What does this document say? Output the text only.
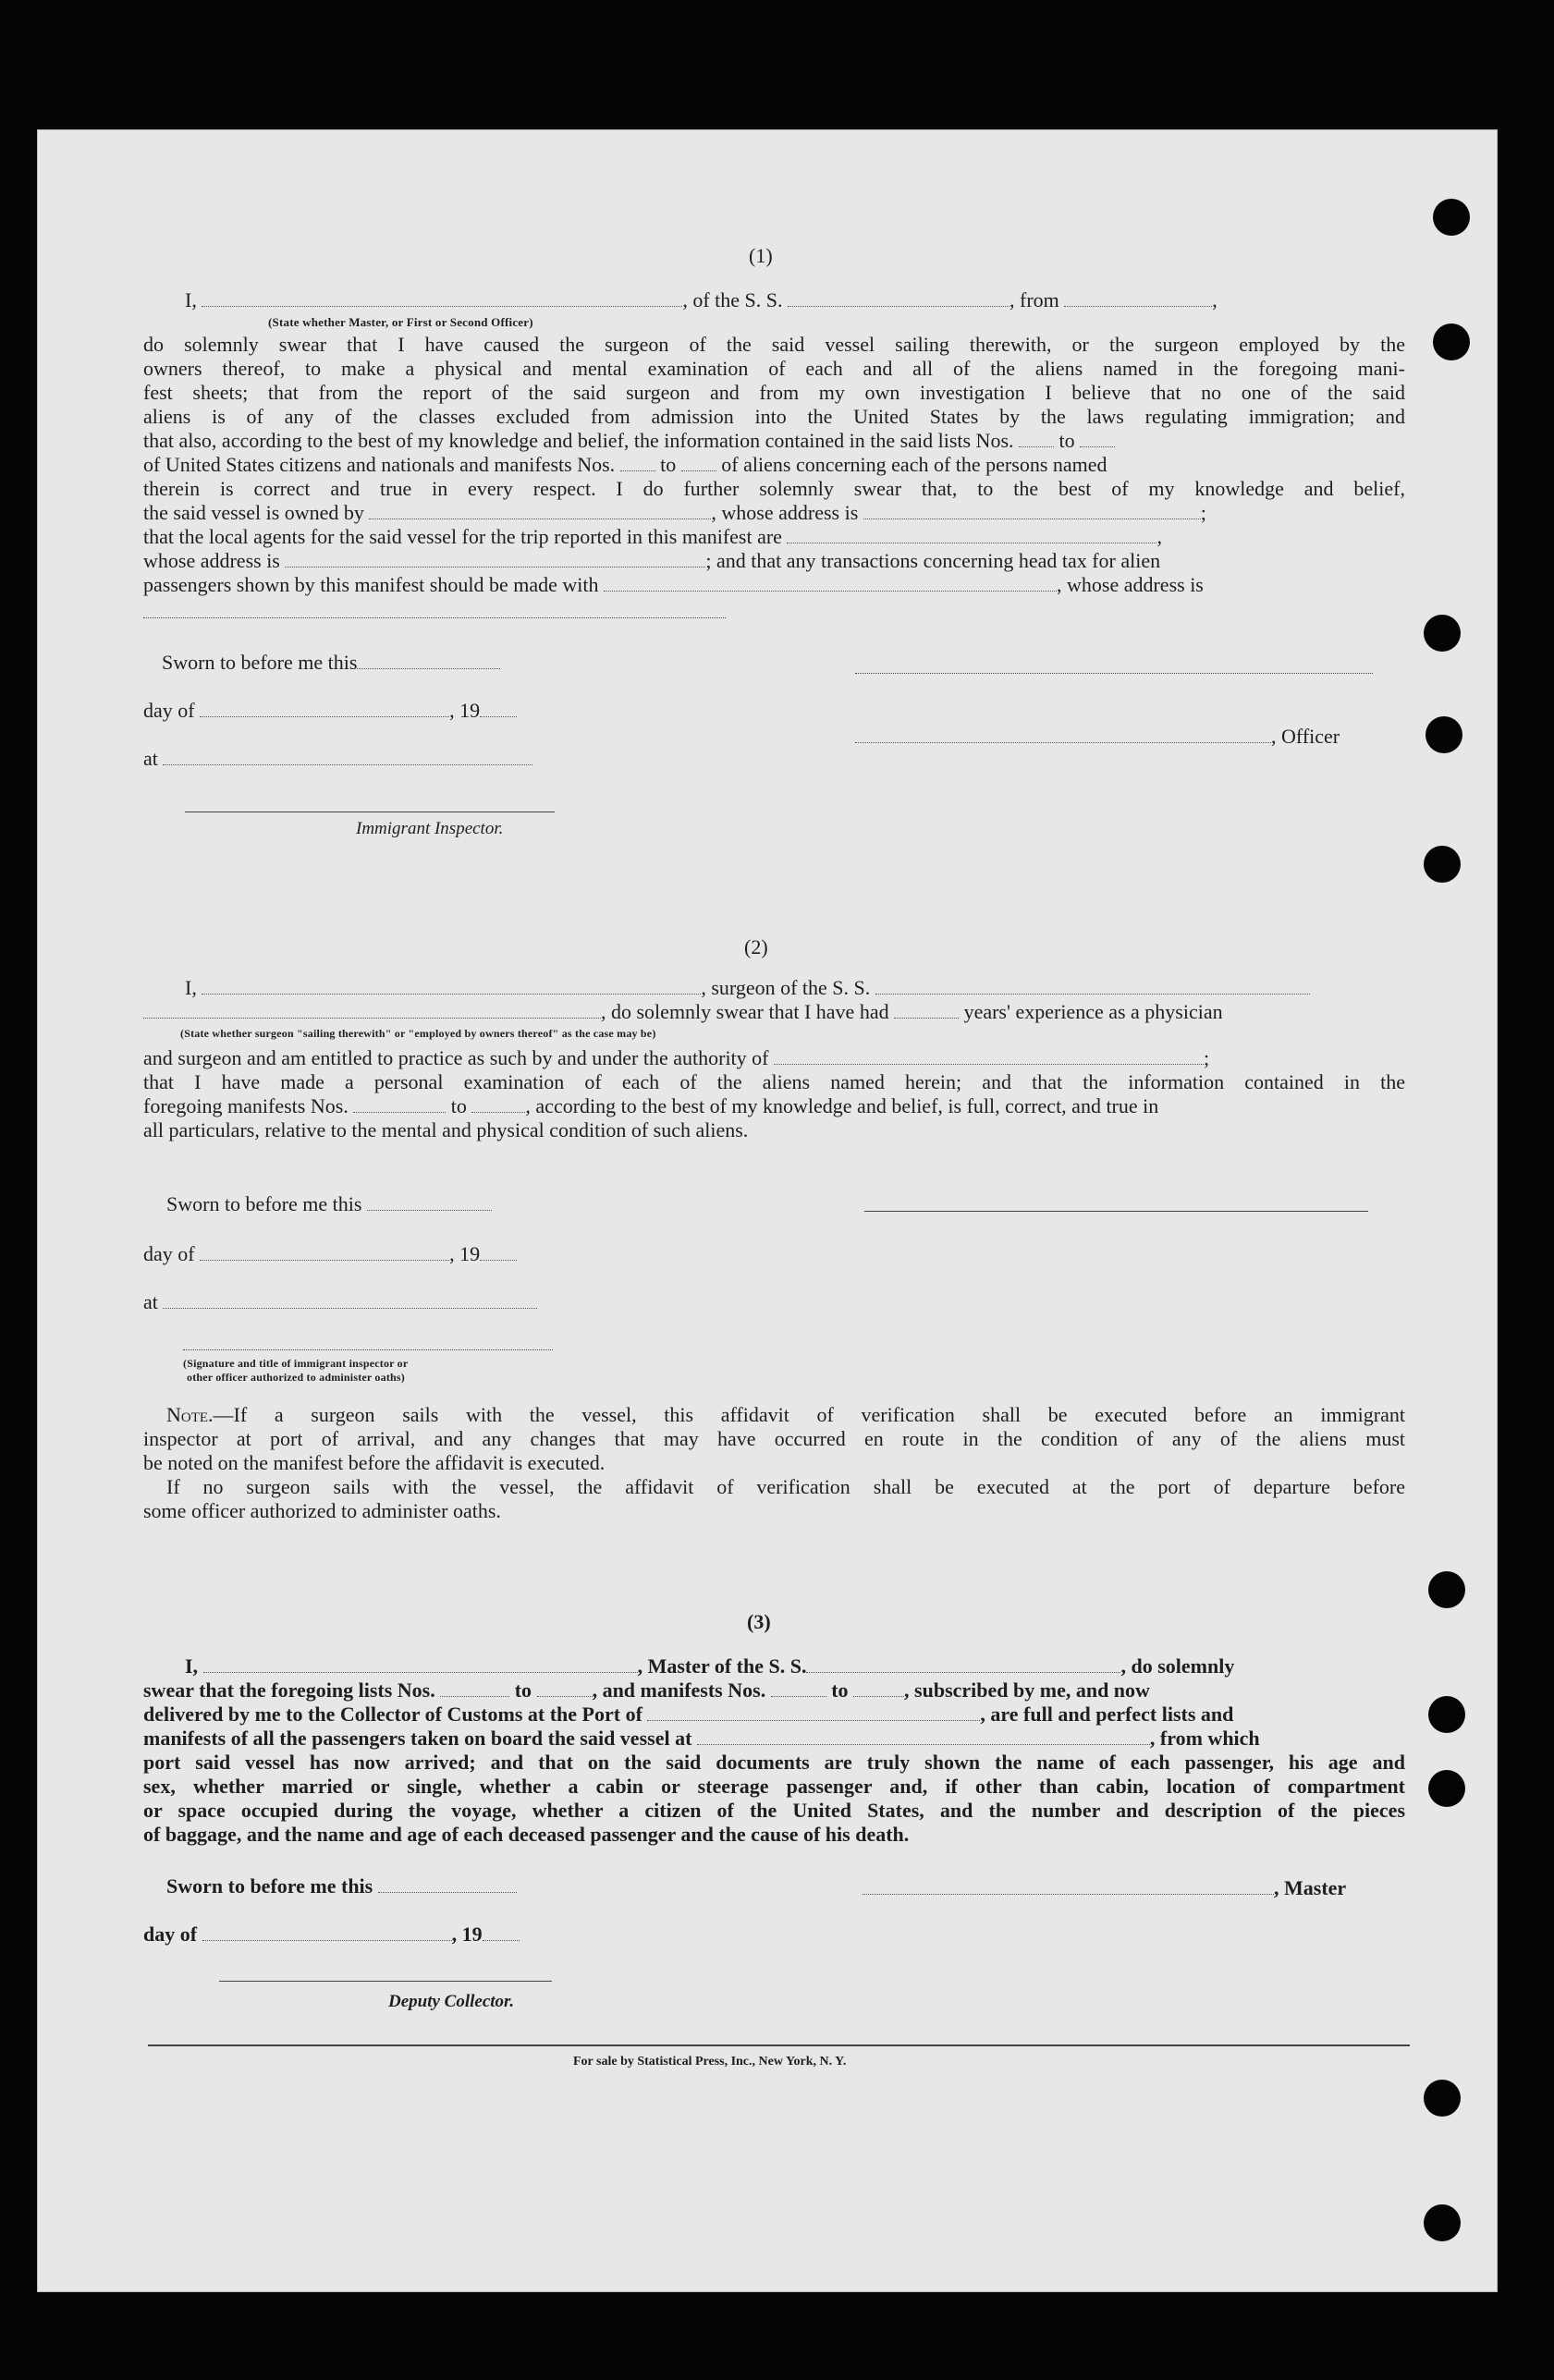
(1)
I,	, of the S. S.	, from	,
(State whether Master, or First or Second Officer)
do solemnly swear that I have caused the surgeon of the said vessel sailing therewith, or the surgeon employed by the
owners thereof, to make a physical and mental examination of each and all of the aliens named in the foregoing mani-
fest sheets; that from the report of the said surgeon and from my own investigation I believe that no one of the said
aliens is of any of the classes excluded from admission into the United States by the laws regulating immigration; and
that also, according to the best of my knowledge and belief, the information contained in the said lists Nos. to
of United States citizens and nationals and manifests Nos. to of aliens concerning each of the persons named
therein is correct and true in every respect. I do further solemnly swear that, to the best of my knowledge and belief,
the said vessel is owned by	, whose address is	;
that the local agents for the said vessel for the trip reported in this manifest are	,
whose address is	; and that any transactions concerning head tax for alien
passengers shown by this manifest should be made with	, whose address is
Sworn to before me this
day of	, 19
, Officer
at
Immigrant Inspector.
(2)
I,	, surgeon of the S. S.
, do solemnly swear that I have had	years' experience as a physician
(State whether surgeon "sailing therewith" or "employed by owners thereof" as the case may be)
and surgeon and am entitled to practice as such by and under the authority of	;
that I have made a personal examination of each of the aliens named herein; and that the information contained in the
foregoing manifests Nos.	to	, according to the best of my knowledge and belief, is full, correct, and true in
all particulars, relative to the mental and physical condition of such aliens.
Sworn to before me this
day of	, 19
at
(Signature and title of immigrant inspector or
other officer authorized to administer oaths)
Note.—If a surgeon sails with the vessel, this affidavit of verification shall be executed before an immigrant
inspector at port of arrival, and any changes that may have occurred en route in the condition of any of the aliens must
be noted on the manifest before the affidavit is executed.
If no surgeon sails with the vessel, the affidavit of verification shall be executed at the port of departure before
some officer authorized to administer oaths.
(3)
I,	, Master of the S. S.	, do solemnly
swear that the foregoing lists Nos.	to	, and manifests Nos.	to	, subscribed by me, and now
delivered by me to the Collector of Customs at the Port of	, are full and perfect lists and
manifests of all the passengers taken on board the said vessel at	, from which
port said vessel has now arrived; and that on the said documents are truly shown the name of each passenger, his age and
sex, whether married or single, whether a cabin or steerage passenger and, if other than cabin, location of compartment
or space occupied during the voyage, whether a citizen of the United States, and the number and description of the pieces
of baggage, and the name and age of each deceased passenger and the cause of his death.
Sworn to before me this	, Master
day of	, 19
Deputy Collector.
For sale by Statistical Press, Inc., New York, N. Y.
